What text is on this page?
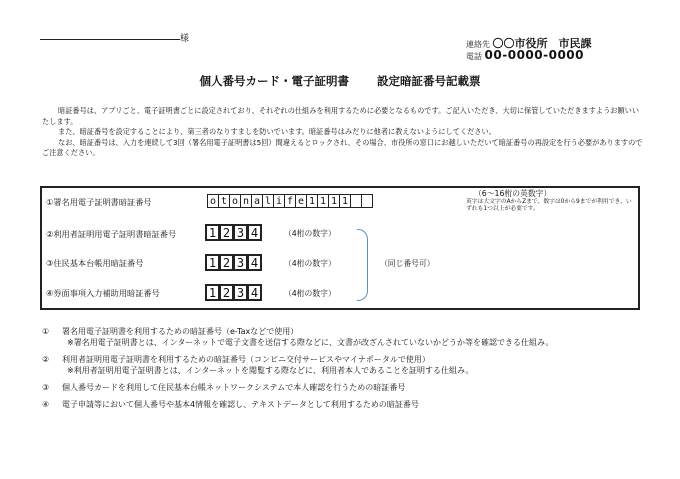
様
連絡先 〇〇市役所　市民課
電話 00-0000-0000
個人番号カード・電子証明書 設定暗証番号記載票

暗証番号は、アプリごと、電子証明書ごとに設定されており、それぞれの仕組みを利用するために必要となるものです。ご記入いただき、大切に保管していただきますようお願いいたします。

また、暗証番号を設定することにより、第三者のなりすましを防いでいます。暗証番号はみだりに他者に教えないようにしてください。

なお、暗証番号は、入力を連続して3回（署名用電子証明書は5回）間違えるとロックされ、その場合、市役所の窓口にお越しいただいて暗証番号の再設定を行う必要がありますのでご注意ください。

①署名用電子証明書暗証番号	o t o n a l i f e 1 1 1 1
（6～16桁の英数字）
英字は大文字のAからZまで、数字は0から9までが利用でき、いずれも1つ以上が必要です。
②利用者証明用電子証明書暗証番号	1 2 3 4	（4桁の数字）
③住民基本台帳用暗証番号	1 2 3 4	（4桁の数字）
④券面事項入力補助用暗証番号	1 2 3 4	（4桁の数字）
（同じ番号可）
①	署名用電子証明書を利用するための暗証番号（e-Taxなどで使用）
※署名用電子証明書とは、インターネットで電子文書を送信する際などに、文書が改ざんされていないかどうか等を確認できる仕組み。
②	利用者証明用電子証明書を利用するための暗証番号（コンビニ交付サービスやマイナポータルで使用）
※利用者証明用電子証明書とは、インターネットを閲覧する際などに、利用者本人であることを証明する仕組み。
③	個人番号カードを利用して住民基本台帳ネットワークシステムで本人確認を行うための暗証番号
④	電子申請等において個人番号や基本4情報を確認し、テキストデータとして利用するための暗証番号
